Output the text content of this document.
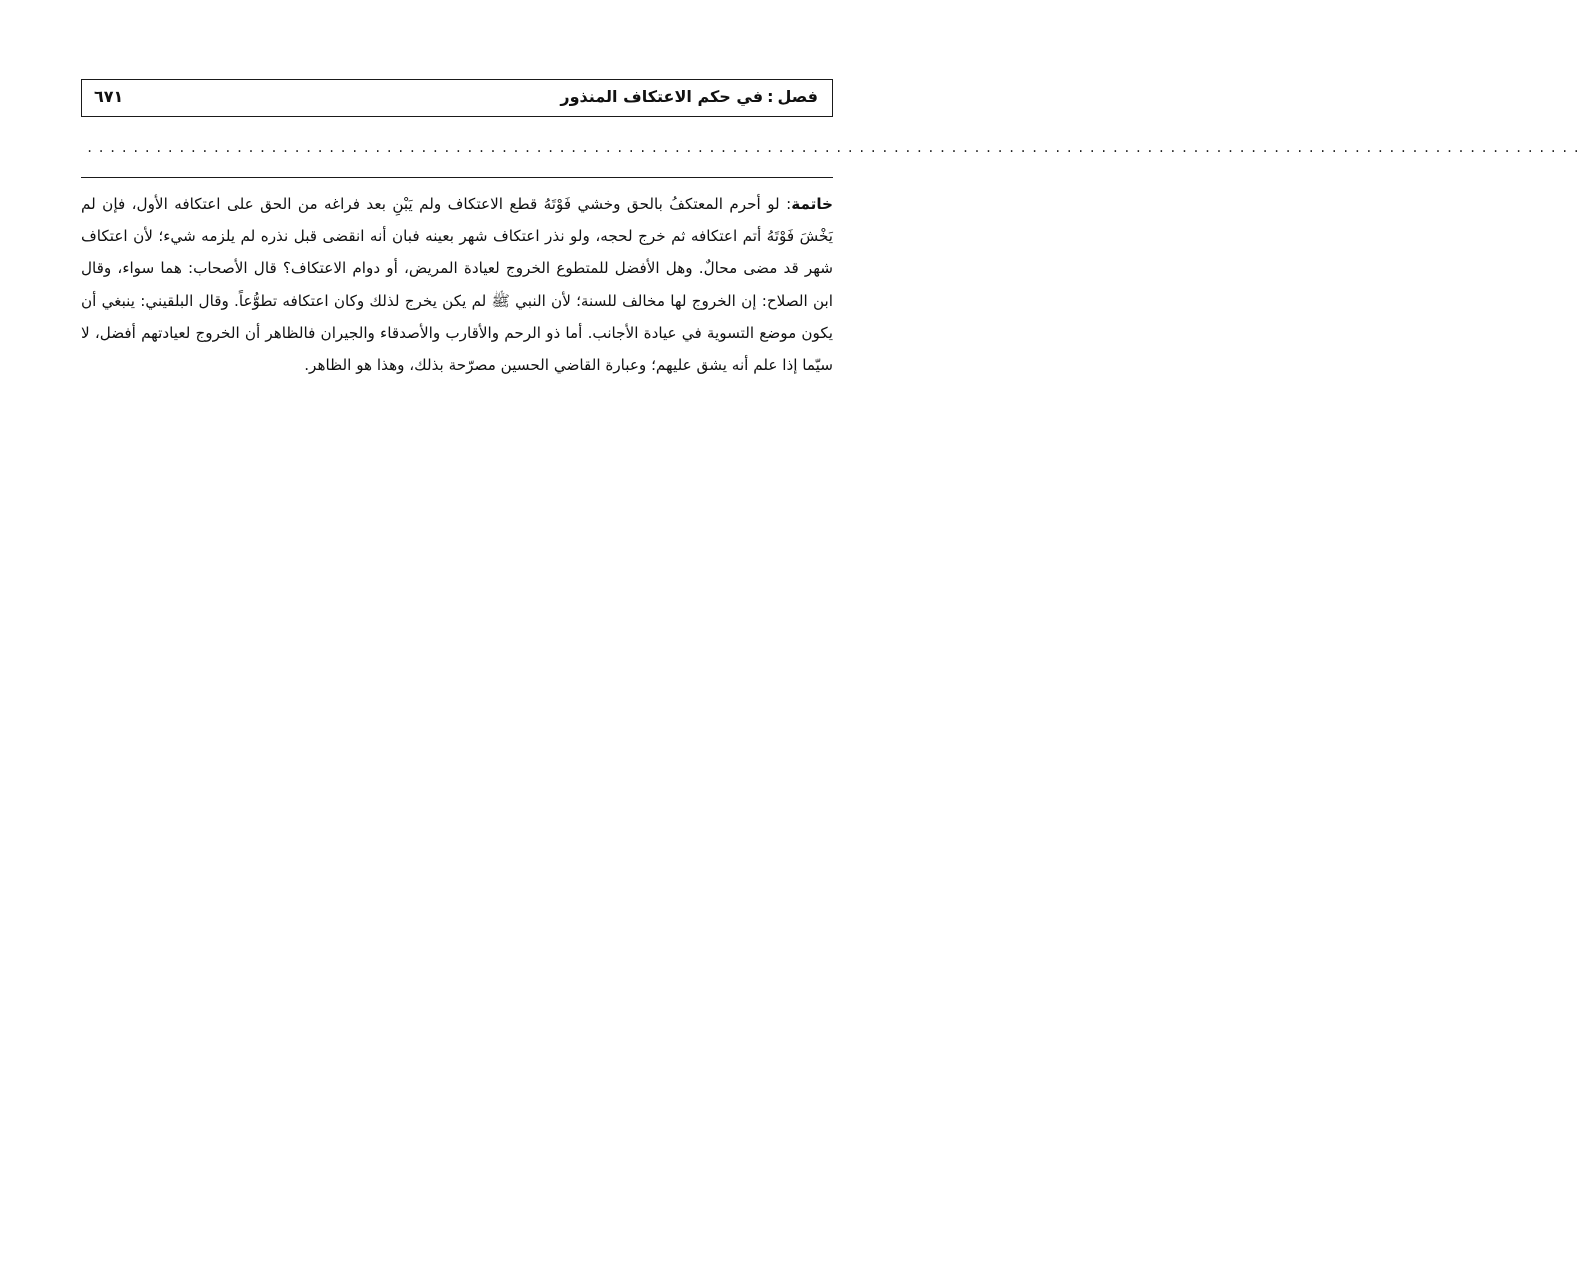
فصل:في حكم الاعتكاف المنذور
٦٧١
..................................................................................................................................

خاتمة: لو أحرم المعتكفُ بالحق وخشي فَوْتَهُ قطع الاعتكاف ولم يَبْنِ بعد فراغه من الحق على اعتكافه الأول، فإن لم يَخْشَ فَوْتَهُ أتم اعتكافه ثم خرج لحجه، ولو نذر اعتكاف شهر بعينه فبان أنه انقضى قبل نذره لم يلزمه شيء؛ لأن اعتكاف شهر قد مضى محالٌ. وهل الأفضل للمتطوع الخروج لعيادة المريض، أو دوام الاعتكاف؟ قال الأصحاب: هما سواء، وقال ابن الصلاح: إن الخروج لها مخالف للسنة؛ لأن النبي ﷺ لم يكن يخرج لذلك وكان اعتكافه تطوُّعاً. وقال البلقيني: ينبغي أن يكون موضع التسوية في عيادة الأجانب. أما ذو الرحم والأقارب والأصدقاء والجيران فالظاهر أن الخروج لعيادتهم أفضل، لا سيّما إذا علم أنه يشق عليهم؛ وعبارة القاضي الحسين مصرّحة بذلك، وهذا هو الظاهر.
